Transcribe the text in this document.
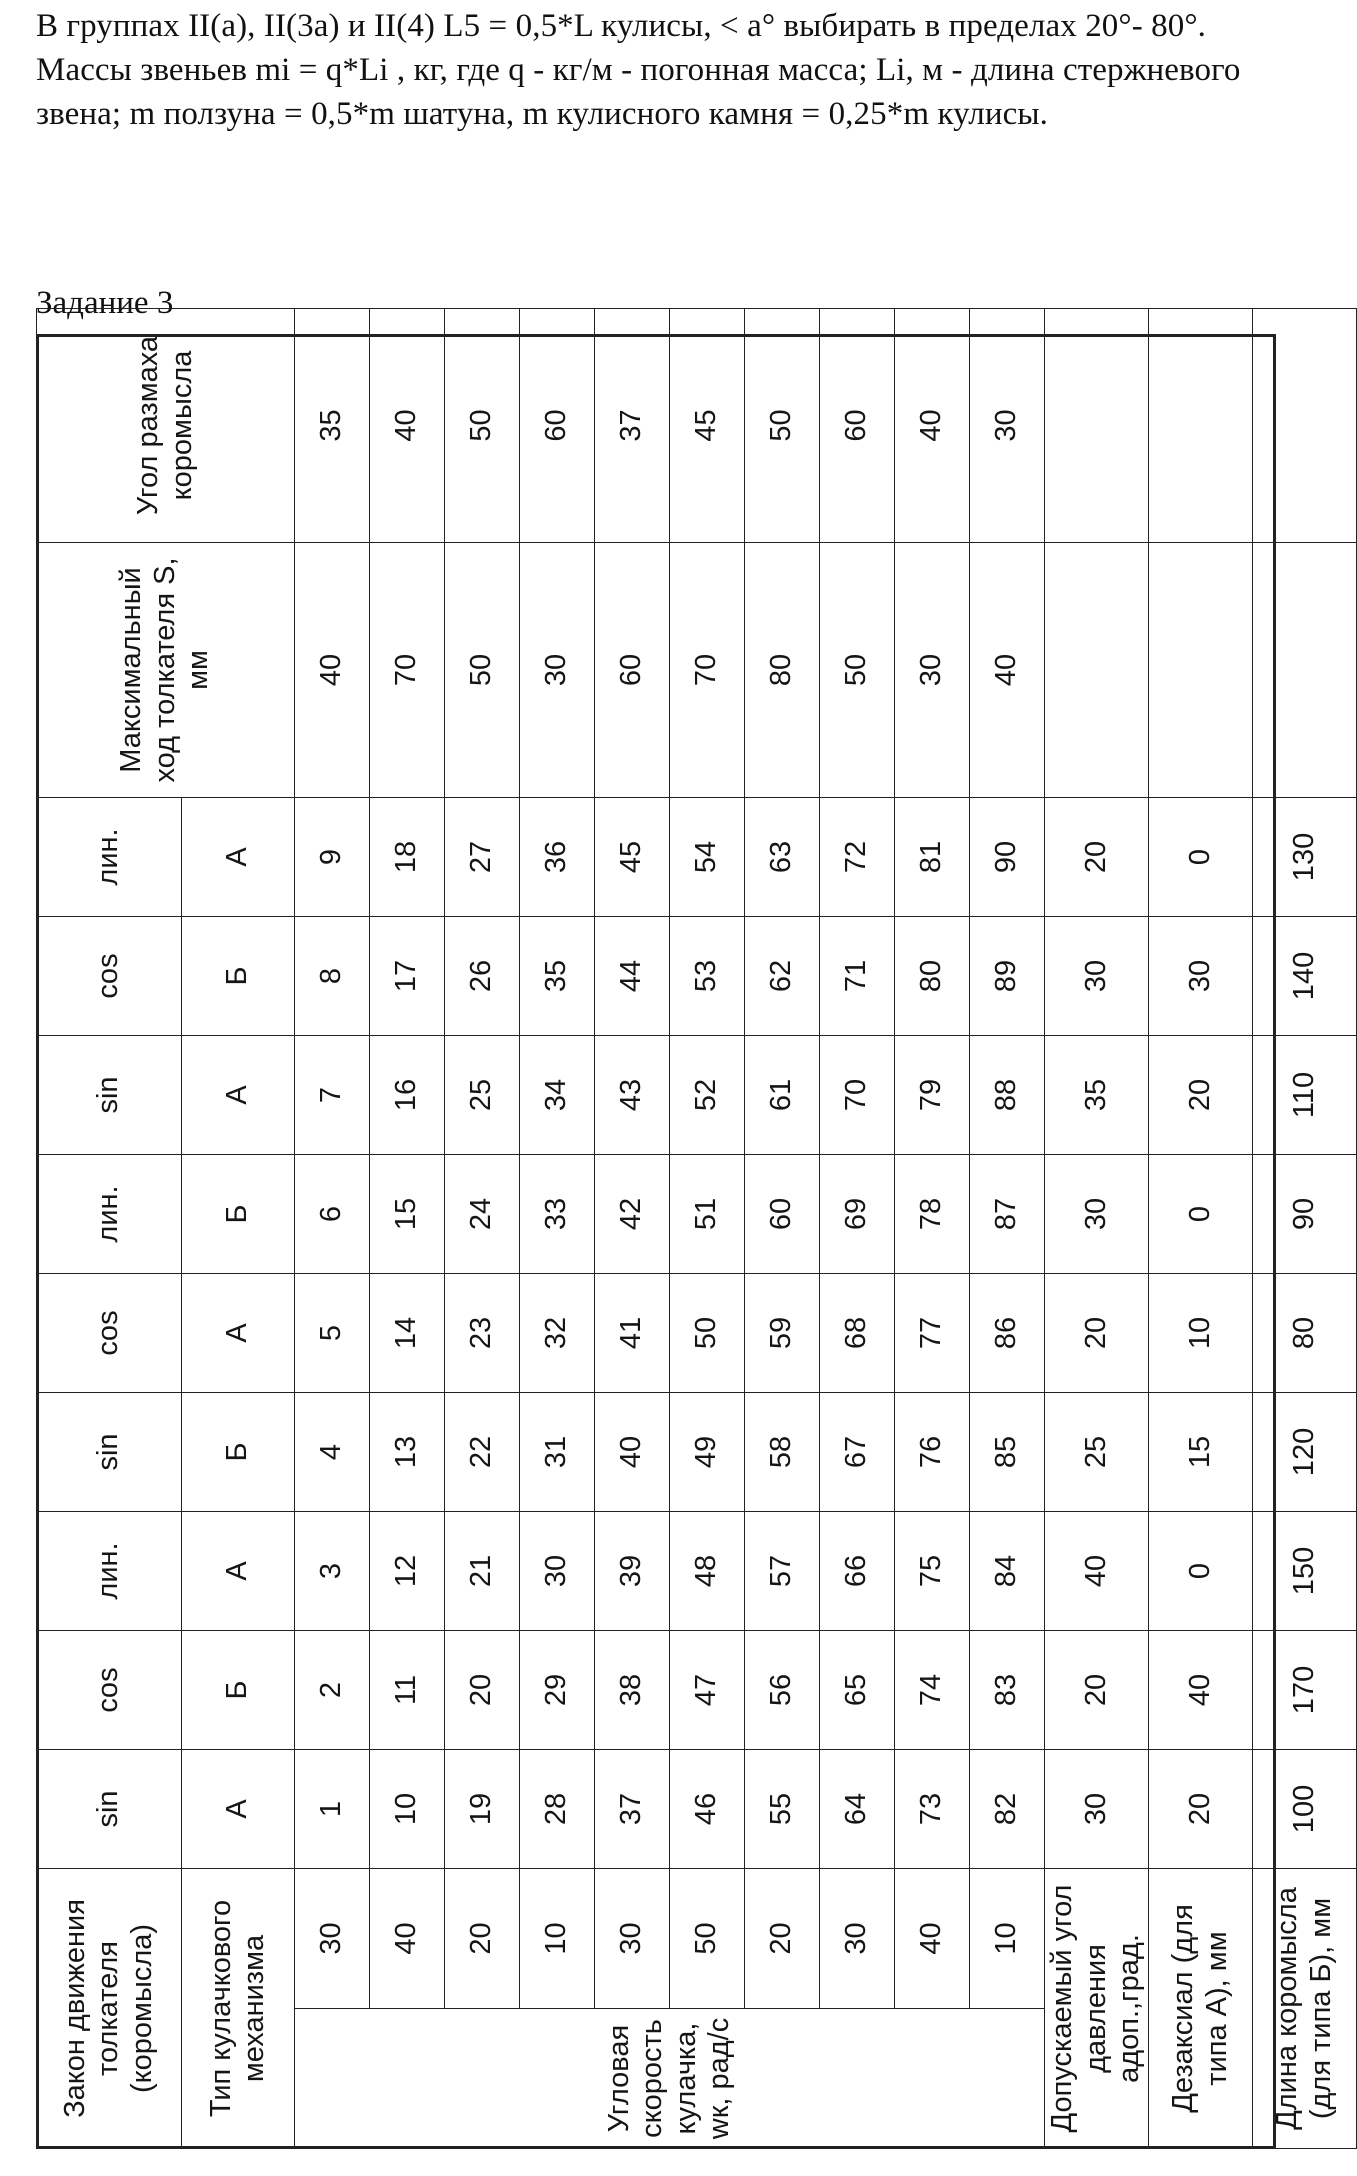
В группах II(a), II(3a) и II(4) L5 = 0,5*L кулисы, < a° выбирать в пределах 20°- 80°. Массы звеньев mi = q*Li , кг, где q - кг/м - погонная масса; Li, м - длина стержневого звена; m ползуна = 0,5*m шатуна, m кулисного камня = 0,25*m кулисы.
Задание 3
Закон движения толкателя (коромысла)		sin	cos	лин.	sin	cos	лин.	sin	cos	лин.	Максимальный ход толкателя S, мм	Угол размаха коромысла
Тип кулачкового механизма		А	Б	А	Б	А	Б	А	Б	А		
Угловая скорость кулачка, wк, рад/с	30	1	2	3	4	5	6	7	8	9	40	35
	40	10	11	12	13	14	15	16	17	18	70	40
	20	19	20	21	22	23	24	25	26	27	50	50
	10	28	29	30	31	32	33	34	35	36	30	60
	30	37	38	39	40	41	42	43	44	45	60	37
	50	46	47	48	49	50	51	52	53	54	70	45
	20	55	56	57	58	59	60	61	62	63	80	50
	30	64	65	66	67	68	69	70	71	72	50	60
	40	73	74	75	76	77	78	79	80	81	30	40
	10	82	83	84	85	86	87	88	89	90	40	30
Допускаемый угол давления aдоп.,град.		30	20	40	25	20	30	35	30	20		
Дезаксиал (для типа А), мм		20	40	0	15	10	0	20	30	0		
Длина коромысла (для типа Б), мм		100	170	150	120	80	90	110	140	130		
